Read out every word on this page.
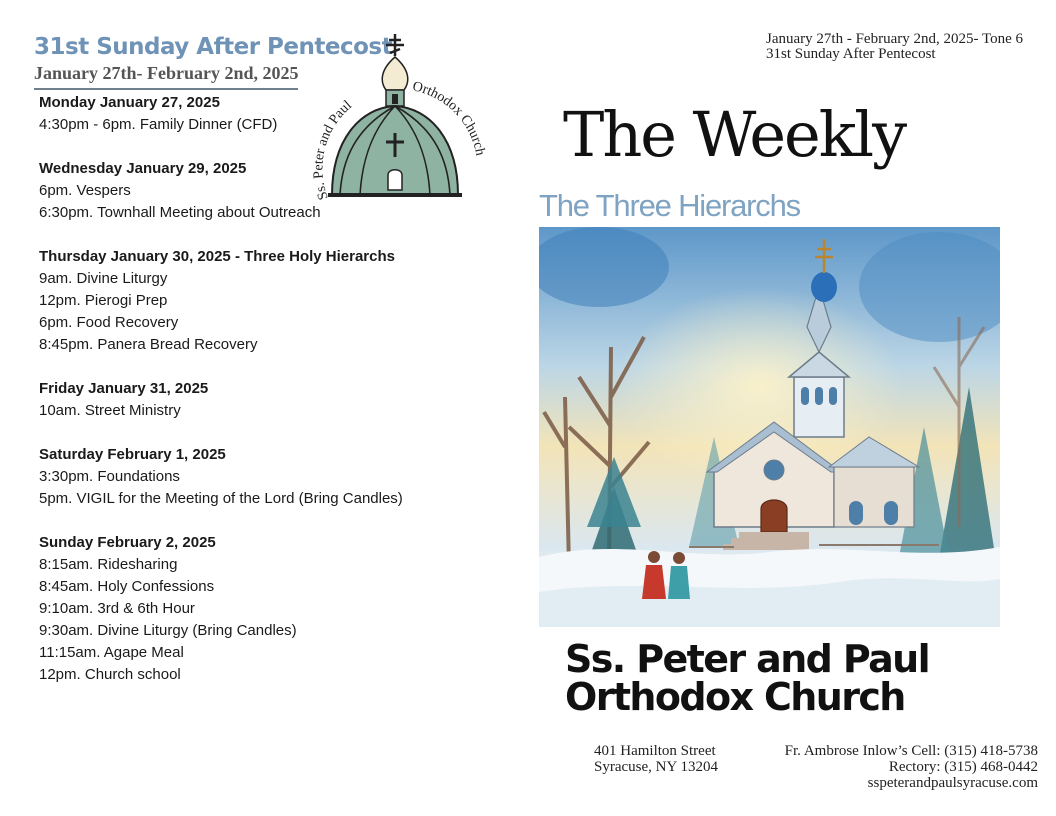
31st Sunday After Pentecost
January 27th- February 2nd, 2025
Monday January 27, 2025
4:30pm - 6pm. Family Dinner (CFD)
Wednesday January 29, 2025
6pm. Vespers
6:30pm. Townhall Meeting about Outreach
Thursday January 30, 2025 - Three Holy Hierarchs
9am. Divine Liturgy
12pm. Pierogi Prep
6pm. Food Recovery
8:45pm. Panera Bread Recovery
Friday January 31, 2025
10am. Street Ministry
Saturday February 1, 2025
3:30pm. Foundations
5pm. VIGIL for the Meeting of the Lord (Bring Candles)
Sunday February 2, 2025
8:15am. Ridesharing
8:45am. Holy Confessions
9:10am. 3rd & 6th Hour
9:30am. Divine Liturgy (Bring Candles)
11:15am. Agape Meal
12pm. Church school
Ss. Peter and Paul
Orthodox Church
January 27th - February 2nd, 2025- Tone 6
31st Sunday After Pentecost
The Weekly
The Three Hierarchs
Ss. Peter and Paul
Orthodox Church
401 Hamilton Street
Syracuse, NY 13204
Fr. Ambrose Inlow’s Cell: (315) 418-5738
Rectory: (315) 468-0442
sspeterandpaulsyracuse.com
